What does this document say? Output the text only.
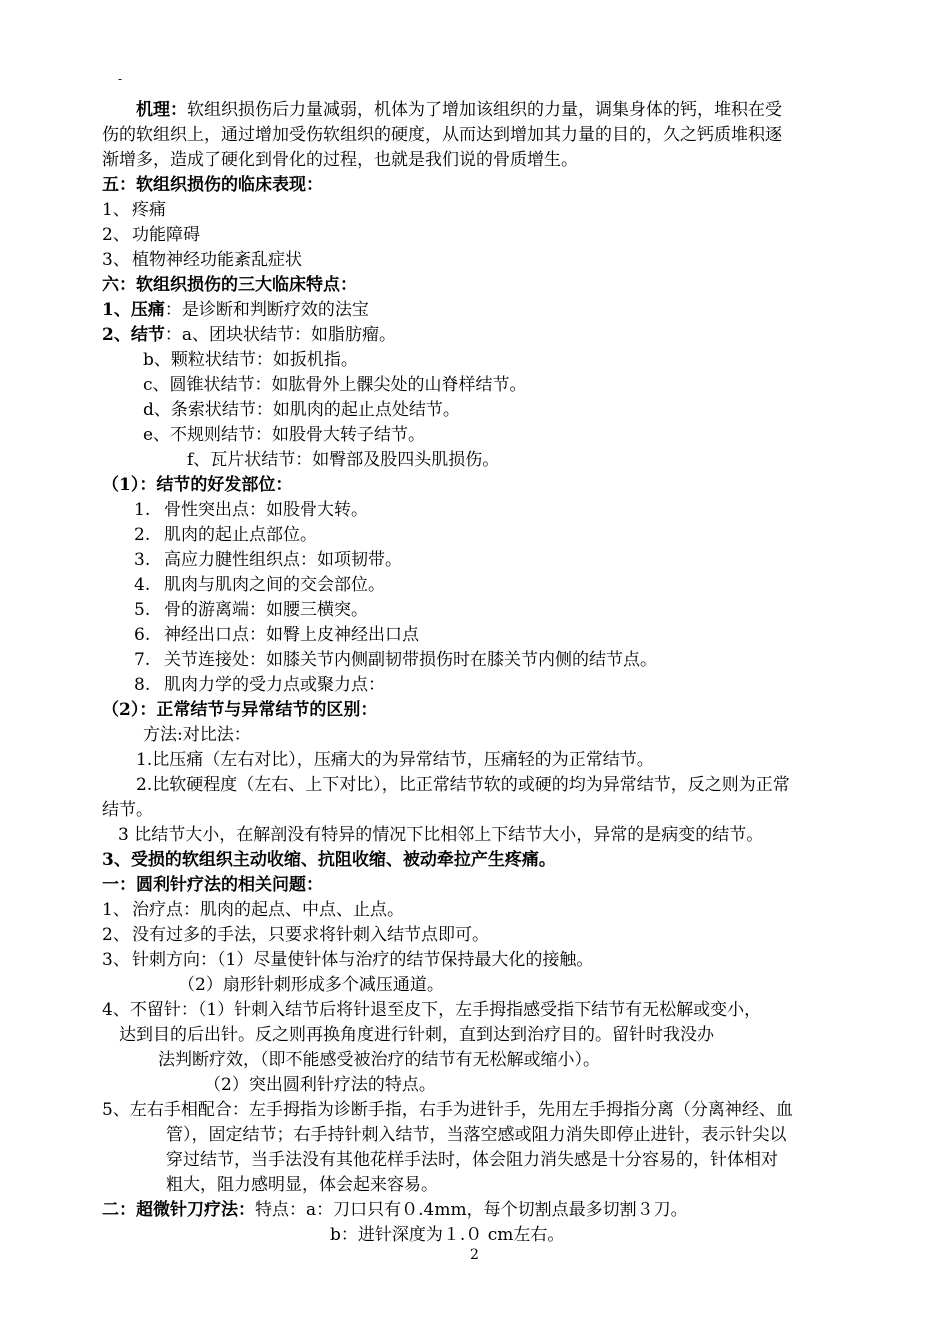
-
机理：软组织损伤后力量减弱，机体为了增加该组织的力量，调集身体的钙，堆积在受
伤的软组织上，通过增加受伤软组织的硬度，从而达到增加其力量的目的，久之钙质堆积逐
渐增多，造成了硬化到骨化的过程，也就是我们说的骨质增生。
五：软组织损伤的临床表现：
1、 疼痛
2、 功能障碍
3、 植物神经功能紊乱症状
六：软组织损伤的三大临床特点：
1、压痛：是诊断和判断疗效的法宝
2、结节：a、团块状结节：如脂肪瘤。
b、颗粒状结节：如扳机指。
c、圆锥状结节：如肱骨外上髁尖处的山脊样结节。
d、条索状结节：如肌肉的起止点处结节。
e、不规则结节：如股骨大转子结节。
f、瓦片状结节：如臀部及股四头肌损伤。
（1）：结节的好发部位：
1. 骨性突出点：如股骨大转。
2. 肌肉的起止点部位。
3. 高应力腱性组织点：如项韧带。
4. 肌肉与肌肉之间的交会部位。
5. 骨的游离端：如腰三横突。
6. 神经出口点：如臀上皮神经出口点
7. 关节连接处：如膝关节内侧副韧带损伤时在膝关节内侧的结节点。
8. 肌肉力学的受力点或聚力点：
（2）：正常结节与异常结节的区别：
方法:对比法：
1.比压痛（左右对比），压痛大的为异常结节，压痛轻的为正常结节。
2.比软硬程度（左右、上下对比），比正常结节软的或硬的均为异常结节，反之则为正常
结节。
3 比结节大小，在解剖没有特异的情况下比相邻上下结节大小，异常的是病变的结节。
3、受损的软组织主动收缩、抗阻收缩、被动牵拉产生疼痛。
一：圆利针疗法的相关问题：
1、 治疗点：肌肉的起点、中点、止点。
2、 没有过多的手法，只要求将针刺入结节点即可。
3、 针刺方向：（1）尽量使针体与治疗的结节保持最大化的接触。
（2）扇形针刺形成多个减压通道。
4、不留针：（1）针刺入结节后将针退至皮下，左手拇指感受指下结节有无松解或变小，
达到目的后出针。反之则再换角度进行针刺，直到达到治疗目的。留针时我没办
法判断疗效，（即不能感受被治疗的结节有无松解或缩小）。
（2）突出圆利针疗法的特点。
5、左右手相配合：左手拇指为诊断手指，右手为进针手，先用左手拇指分离（分离神经、血
管），固定结节；右手持针刺入结节，当落空感或阻力消失即停止进针，表示针尖以
穿过结节，当手法没有其他花样手法时，体会阻力消失感是十分容易的，针体相对
粗大，阻力感明显，体会起来容易。
二：超微针刀疗法：特点：a：刀口只有０.4mm，每个切割点最多切割３刀。
b：进针深度为１.０ cm左右。
2
